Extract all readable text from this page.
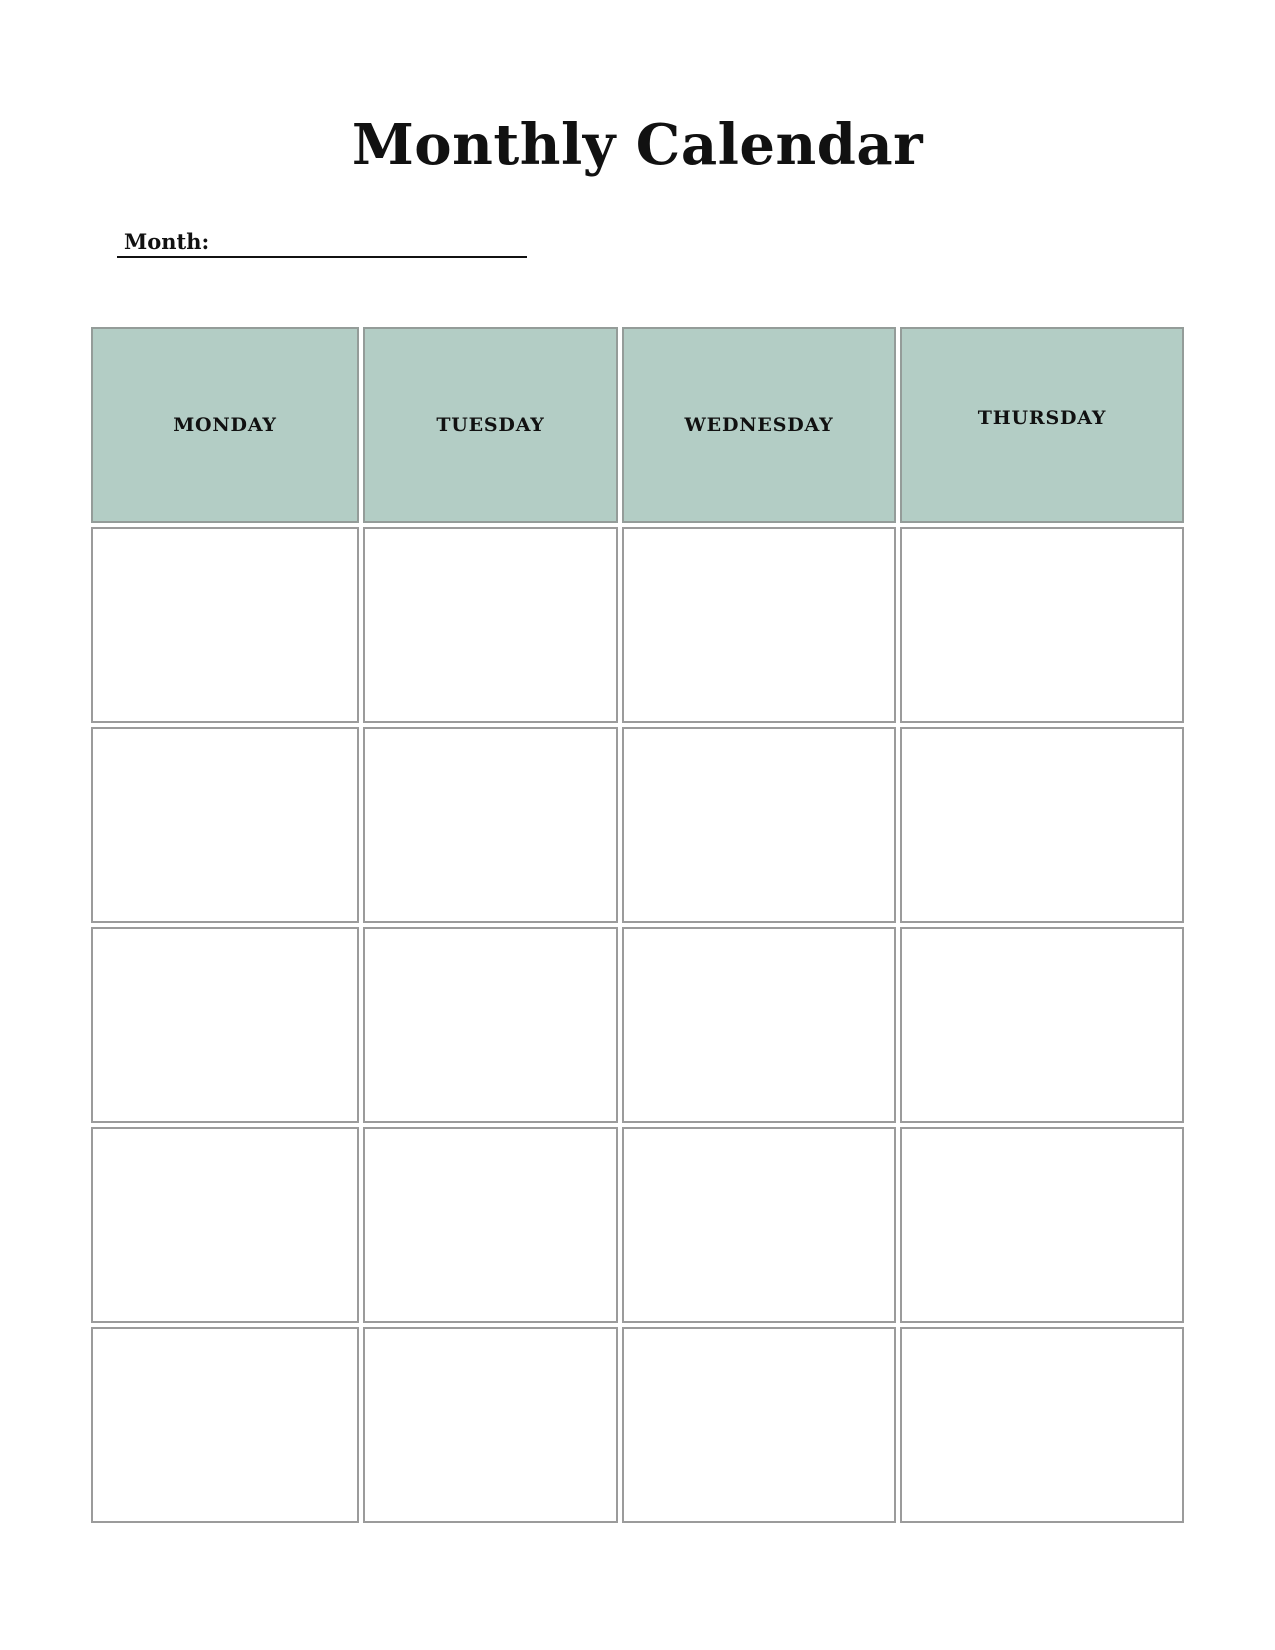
Monthly Calendar
Month:
MONDAY	TUESDAY	WEDNESDAY	THURSDAY
